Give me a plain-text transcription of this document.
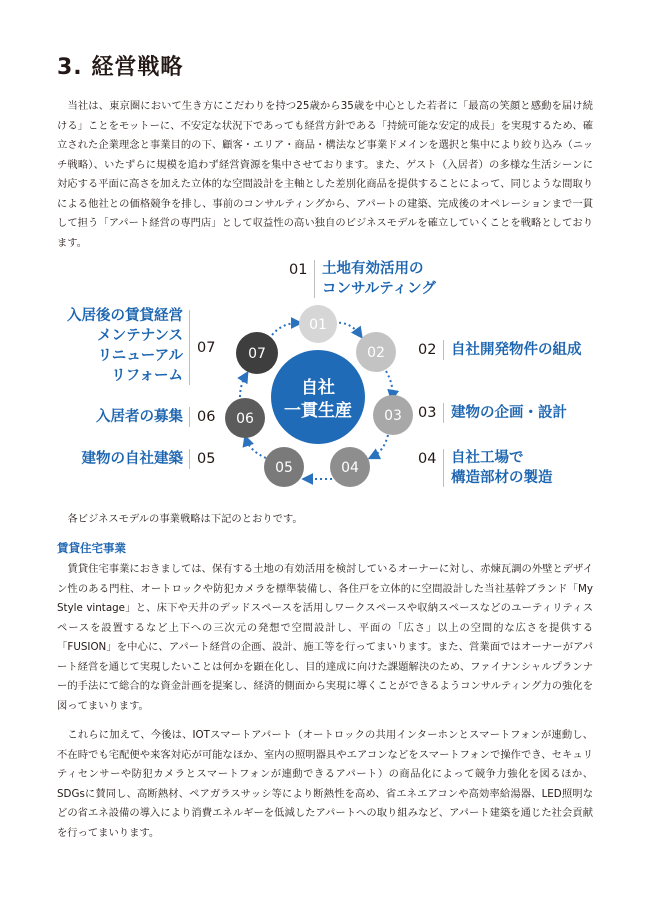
3. 経営戦略

当社は、東京圏において生き方にこだわりを持つ25歳から35歳を中心とした若者に「最高の笑顔と感動を届け続ける」ことをモットーに、不安定な状況下であっても経営方針である「持続可能な安定的成長」を実現するため、確立された企業理念と事業目的の下、顧客・エリア・商品・構法など事業ドメインを選択と集中により絞り込み（ニッチ戦略）、いたずらに規模を追わず経営資源を集中させております。また、ゲスト（入居者）の多様な生活シーンに対応する平面に高さを加えた立体的な空間設計を主軸とした差別化商品を提供することによって、同じような間取りによる他社との価格競争を排し、事前のコンサルティングから、アパートの建築、完成後のオペレーションまで一貫して担う「アパート経営の専門店」として収益性の高い独自のビジネスモデルを確立していくことを戦略としております。

01
02
03
04
05
06
07
自社
一貫生産
01 土地有効活用の
コンサルティング
02 自社開発物件の組成
03 建物の企画・設計
04 自社工場で
構造部材の製造
入居後の賃貸経営
メンテナンス
リニューアル
リフォーム
07
入居者の募集 06
建物の自社建築 05

各ビジネスモデルの事業戦略は下記のとおりです。

賃貸住宅事業

賃貸住宅事業におきましては、保有する土地の有効活用を検討しているオーナーに対し、赤煉瓦調の外壁とデザイン性のある門柱、オートロックや防犯カメラを標準装備し、各住戸を立体的に空間設計した当社基幹ブランド「My Style vintage」と、床下や天井のデッドスペースを活用しワークスペースや収納スペースなどのユーティリティスペースを設置するなど上下への三次元の発想で空間設計し、平面の「広さ」以上の空間的な広さを提供する「FUSION」を中心に、アパート経営の企画、設計、施工等を行ってまいります。また、営業面ではオーナーがアパート経営を通じて実現したいことは何かを顕在化し、目的達成に向けた課題解決のため、ファイナンシャルプランナー的手法にて総合的な資金計画を提案し、経済的側面から実現に導くことができるようコンサルティング力の強化を図ってまいります。

これらに加えて、今後は、IOTスマートアパート（オートロックの共用インターホンとスマートフォンが連動し、不在時でも宅配便や来客対応が可能なほか、室内の照明器具やエアコンなどをスマートフォンで操作でき、セキュリティセンサーや防犯カメラとスマートフォンが連動できるアパート）の商品化によって競争力強化を図るほか、SDGsに賛同し、高断熱材、ペアガラスサッシ等により断熱性を高め、省エネエアコンや高効率給湯器、LED照明などの省エネ設備の導入により消費エネルギーを低減したアパートへの取り組みなど、アパート建築を通じた社会貢献を行ってまいります。
